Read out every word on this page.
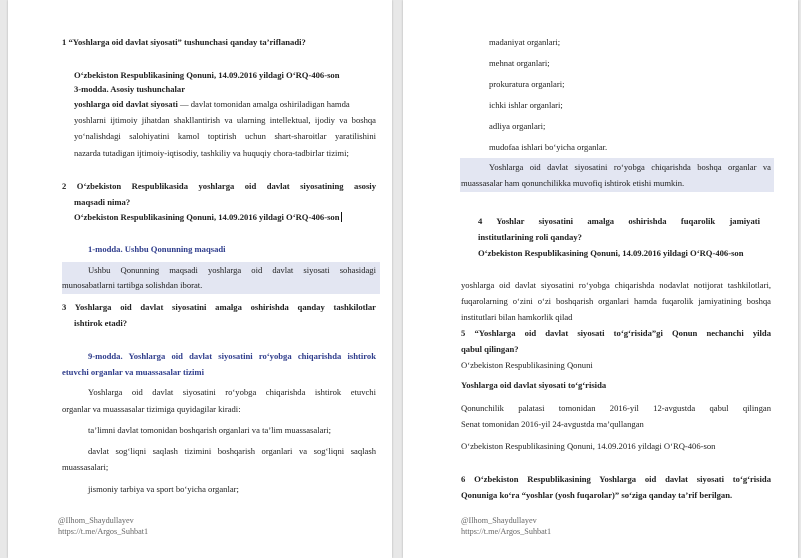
1 “Yoshlarga oid davlat siyosati” tushunchasi qanday ta’riflanadi?
O‘zbekiston Respublikasining Qonuni, 14.09.2016 yildagi O‘RQ-406-son
3-modda. Asosiy tushunchalar
yoshlarga oid davlat siyosati — davlat tomonidan amalga oshiriladigan hamda
yoshlarni ijtimoiy jihatdan shakllantirish va ularning intellektual, ijodiy va boshqa
yo‘nalishdagi salohiyatini kamol toptirish uchun shart-sharoitlar yaratilishini
nazarda tutadigan ijtimoiy-iqtisodiy, tashkiliy va huquqiy chora-tadbirlar tizimi;
2 O‘zbekiston Respublikasida yoshlarga oid davlat siyosatining asosiy
maqsadi nima?
O‘zbekiston Respublikasining Qonuni, 14.09.2016 yildagi O‘RQ-406-son
1-modda. Ushbu Qonunning maqsadi
Ushbu Qonunning maqsadi yoshlarga oid davlat siyosati sohasidagi
munosabatlarni tartibga solishdan iborat.
3 Yoshlarga oid davlat siyosatini amalga oshirishda qanday tashkilotlar
ishtirok etadi?
9-modda. Yoshlarga oid davlat siyosatini ro‘yobga chiqarishda ishtirok
etuvchi organlar va muassasalar tizimi
Yoshlarga oid davlat siyosatini ro‘yobga chiqarishda ishtirok etuvchi
organlar va muassasalar tizimiga quyidagilar kiradi:
ta’limni davlat tomonidan boshqarish organlari va ta’lim muassasalari;
davlat sog‘liqni saqlash tizimini boshqarish organlari va sog‘liqni saqlash
muassasalari;
jismoniy tarbiya va sport bo‘yicha organlar;
@Ilhom_Shaydullayev
https://t.me/Argos_Suhbat1
madaniyat organlari;
mehnat organlari;
prokuratura organlari;
ichki ishlar organlari;
adliya organlari;
mudofaa ishlari bo‘yicha organlar.
Yoshlarga oid davlat siyosatini ro‘yobga chiqarishda boshqa organlar va
muassasalar ham qonunchilikka muvofiq ishtirok etishi mumkin.
4 Yoshlar siyosatini amalga oshirishda fuqarolik jamiyati
institutlarining roli qanday?
O‘zbekiston Respublikasining Qonuni, 14.09.2016 yildagi O‘RQ-406-son
yoshlarga oid davlat siyosatini ro‘yobga chiqarishda nodavlat notijorat tashkilotlari,
fuqarolarning o‘zini o‘zi boshqarish organlari hamda fuqarolik jamiyatining boshqa
institutlari bilan hamkorlik qilad
5 “Yoshlarga oid davlat siyosati to‘g‘risida”gi Qonun nechanchi yilda
qabul qilingan?
O‘zbekiston Respublikasining Qonuni
Yoshlarga oid davlat siyosati to‘g‘risida
Qonunchilik palatasi tomonidan 2016-yil 12-avgustda qabul qilingan
Senat tomonidan 2016-yil 24-avgustda ma’qullangan
O‘zbekiston Respublikasining Qonuni, 14.09.2016 yildagi O‘RQ-406-son
6 O‘zbekiston Respublikasining Yoshlarga oid davlat siyosati to‘g‘risida
Qonuniga ko‘ra “yoshlar (yosh fuqarolar)” so‘ziga qanday ta’rif berilgan.
@Ilhom_Shaydullayev
https://t.me/Argos_Suhbat1
